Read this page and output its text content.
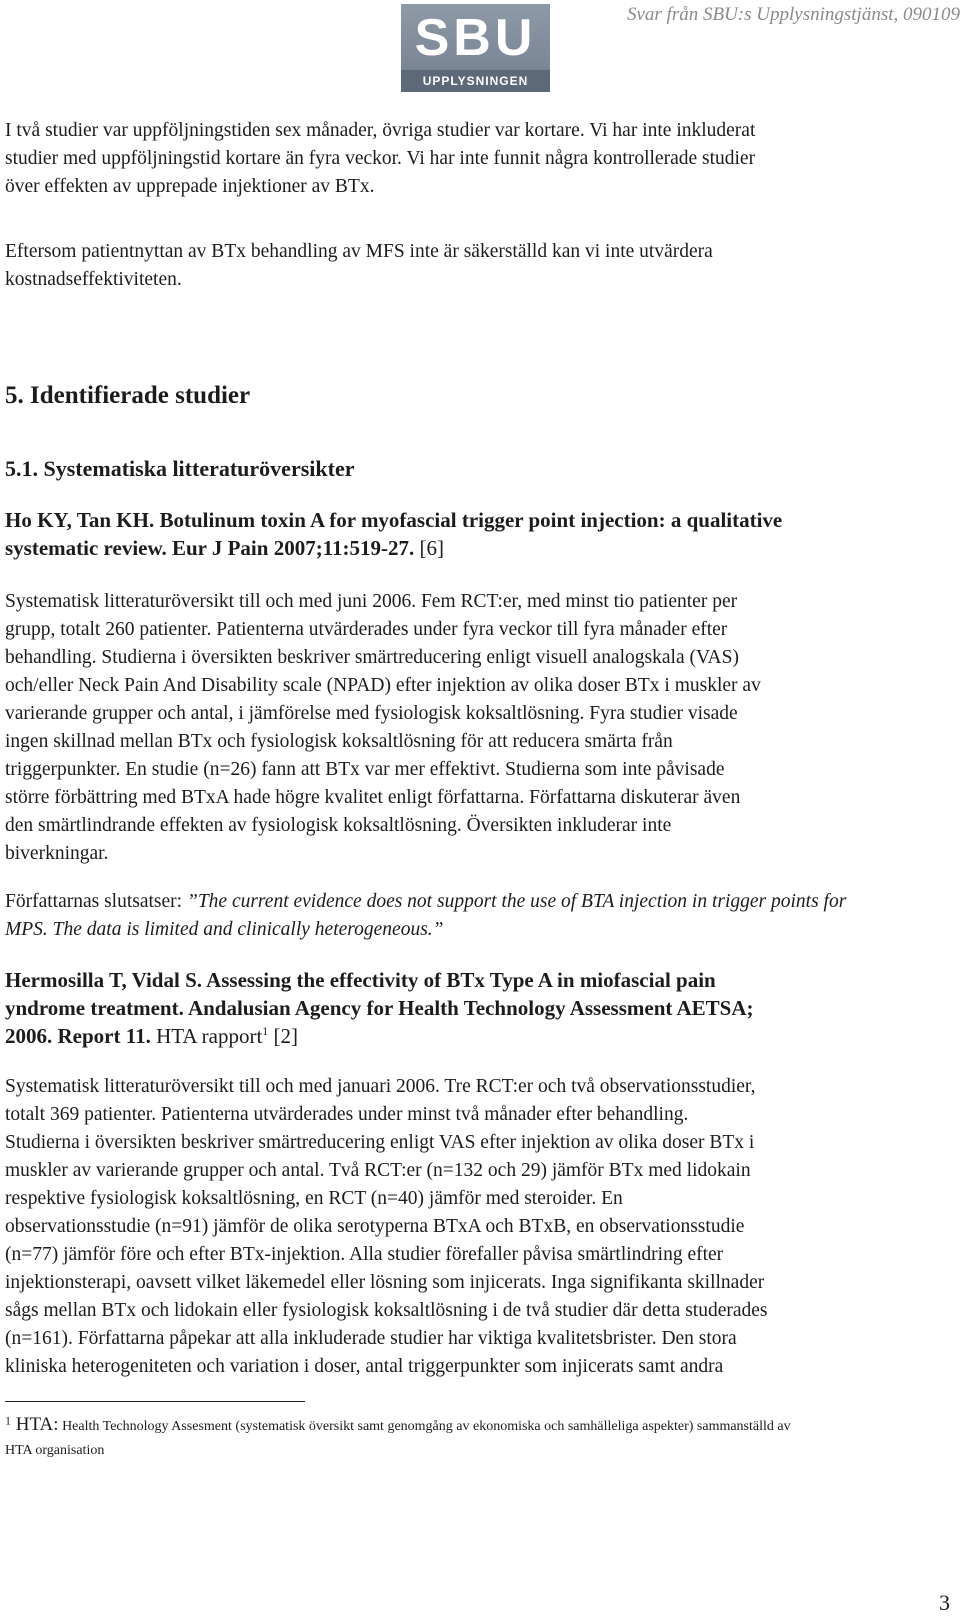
SBU
UPPLYSNINGEN
Svar från SBU:s Upplysningstjänst, 090109

I två studier var uppföljningstiden sex månader, övriga studier var kortare. Vi har inte inkluderat

studier med uppföljningstid kortare än fyra veckor. Vi har inte funnit några kontrollerade studier

över effekten av upprepade injektioner av BTx.

Eftersom patientnyttan av BTx behandling av MFS inte är säkerställd kan vi inte utvärdera

kostnadseffektiviteten.

5. Identifierade studier
5.1. Systematiska litteraturöversikter

Ho KY, Tan KH. Botulinum toxin A for myofascial trigger point injection: a qualitative

systematic review. Eur J Pain 2007;11:519-27. [6]

Systematisk litteraturöversikt till och med juni 2006. Fem RCT:er, med minst tio patienter per

grupp, totalt 260 patienter. Patienterna utvärderades under fyra veckor till fyra månader efter

behandling. Studierna i översikten beskriver smärtreducering enligt visuell analogskala (VAS)

och/eller Neck Pain And Disability scale (NPAD) efter injektion av olika doser BTx i muskler av

varierande grupper och antal, i jämförelse med fysiologisk koksaltlösning. Fyra studier visade

ingen skillnad mellan BTx och fysiologisk koksaltlösning för att reducera smärta från

triggerpunkter. En studie (n=26) fann att BTx var mer effektivt. Studierna som inte påvisade

större förbättring med BTxA hade högre kvalitet enligt författarna. Författarna diskuterar även

den smärtlindrande effekten av fysiologisk koksaltlösning. Översikten inkluderar inte

biverkningar.

Författarnas slutsatser: ”The current evidence does not support the use of BTA injection in trigger points for

MPS. The data is limited and clinically heterogeneous.”

Hermosilla T, Vidal S. Assessing the effectivity of BTx Type A in miofascial pain

yndrome treatment. Andalusian Agency for Health Technology Assessment AETSA;

2006. Report 11. HTA rapport$^1$ [2]

Systematisk litteraturöversikt till och med januari 2006. Tre RCT:er och två observationsstudier,

totalt 369 patienter. Patienterna utvärderades under minst två månader efter behandling.

Studierna i översikten beskriver smärtreducering enligt VAS efter injektion av olika doser BTx i

muskler av varierande grupper och antal. Två RCT:er (n=132 och 29) jämför BTx med lidokain

respektive fysiologisk koksaltlösning, en RCT (n=40) jämför med steroider. En

observationsstudie (n=91) jämför de olika serotyperna BTxA och BTxB, en observationsstudie

(n=77) jämför före och efter BTx-injektion. Alla studier förefaller påvisa smärtlindring efter

injektionsterapi, oavsett vilket läkemedel eller lösning som injicerats. Inga signifikanta skillnader

sågs mellan BTx och lidokain eller fysiologisk koksaltlösning i de två studier där detta studerades

(n=161). Författarna påpekar att alla inkluderade studier har viktiga kvalitetsbrister. Den stora

kliniska heterogeniteten och variation i doser, antal triggerpunkter som injicerats samt andra

1 HTA: Health Technology Assesment (systematisk översikt samt genomgång av ekonomiska och samhälleliga aspekter) sammanställd av

HTA organisation

3
